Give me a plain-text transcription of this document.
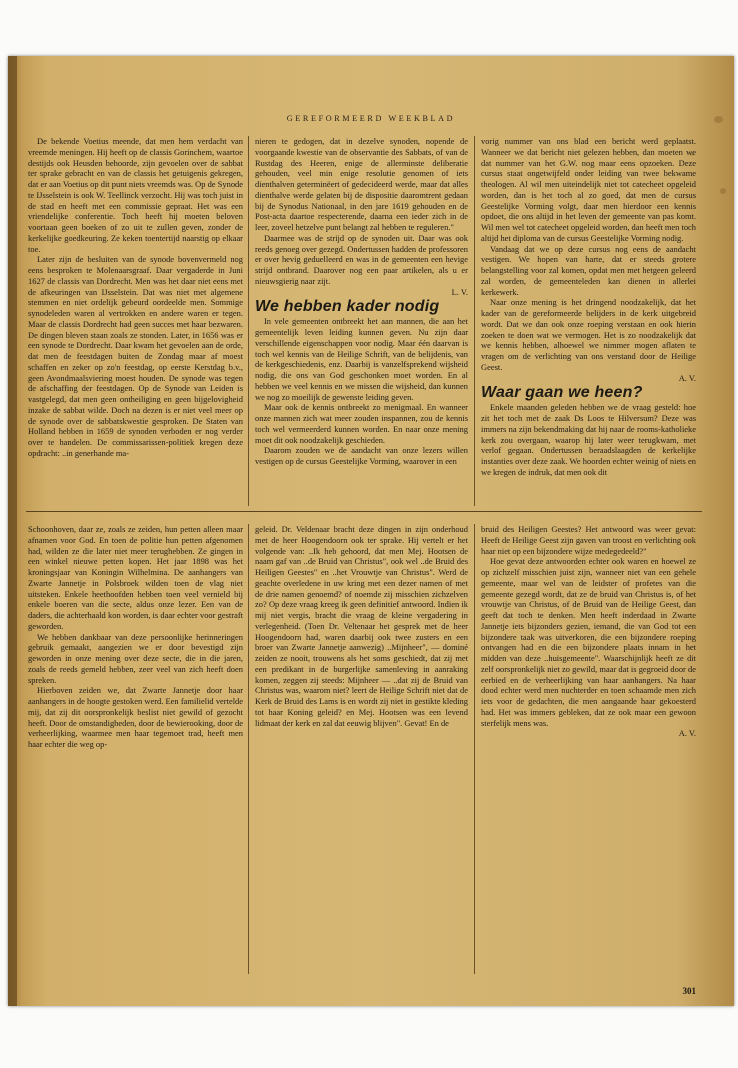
GEREFORMEERD WEEKBLAD

De bekende Voetius meende, dat men hem verdacht van vreemde meningen. Hij heeft op de classis Gorinchem, waartoe destijds ook Heusden behoorde, zijn gevoelen over de sabbat ter sprake gebracht en van de classis het getuigenis gekregen, dat er aan Voetius op dit punt niets vreemds was. Op de Synode te IJsselstein is ook W. Teellinck verzocht. Hij was toch juist in de stad en heeft met een commissie gepraat. Het was een vriendelijke conferentie. Toch heeft hij moeten beloven voortaan geen boeken of zo uit te zullen geven, zonder de kerkelijke goedkeuring. Ze keken toentertijd naarstig op elkaar toe.

Later zijn de besluiten van de synode bovenvermeld nog eens besproken te Molenaarsgraaf. Daar vergaderde in Juni 1627 de classis van Dordrecht. Men was het daar niet eens met de afkeuringen van IJsselstein. Dat was niet met algemene stemmen en niet ordelijk gebeurd oordeelde men. Sommige synodeleden waren al vertrokken en andere waren er tegen. Maar de classis Dordrecht had geen succes met haar bezwaren. De dingen bleven staan zoals ze stonden. Later, in 1656 was er een synode te Dordrecht. Daar kwam het gevoelen aan de orde, dat men de feestdagen buiten de Zondag maar af moest schaffen en zeker op zo'n feestdag, op eerste Kerstdag b.v., geen Avondmaalsviering moest houden. De synode was tegen de afschaffing der feestdagen. Op de Synode van Leiden is vastgelegd, dat men geen ontheiliging en geen bijgelovigheid inzake de sabbat wilde. Doch na dezen is er niet veel meer op de synode over de sabbatskwestie gesproken. De Staten van Holland hebben in 1659 de synoden verboden er nog verder over te handelen. De commissarissen-politiek kregen deze opdracht: ..in generhande ma-

nieren te gedogen, dat in dezelve synoden, nopende de voorgaande kwestie van de observantie des Sabbats, of van de Rustdag des Heeren, enige de allerminste deliberatie gehouden, veel min enige resolutie genomen of iets dienthalven geterminëert of gedecideerd werde, maar dat alles dienthalve werde gelaten bij de dispositie daaromtrent gedaan bij de Synodus Nationaal, in den jare 1619 gehouden en de Post-acta daartoe respecterende, daarna een ieder zich in de leer, zoveel hetzelve punt belangt zal hebben te reguleren."

Daarmee was de strijd op de synoden uit. Daar was ook reeds genoeg over gezegd. Ondertussen hadden de professoren er over hevig geduelleerd en was in de gemeenten een hevige strijd ontbrand. Daarover nog een paar artikelen, als u er nieuwsgierig naar zijt.

L. V.

We hebben kader nodig

In vele gemeenten ontbreekt het aan mannen, die aan het gemeentelijk leven leiding kunnen geven. Nu zijn daar verschillende eigenschappen voor nodig. Maar één daarvan is toch wel kennis van de Heilige Schrift, van de belijdenis, van de kerkgeschiedenis, enz. Daarbij is vanzelfsprekend wijsheid nodig, die ons van God geschonken moet worden. En al hebben we veel kennis en we missen die wijsheid, dan kunnen we nog zo moeilijk de gewenste leiding geven.

Maar ook de kennis ontbreekt zo menigmaal. En wanneer onze mannen zich wat meer zouden inspannen, zou de kennis toch wel vermeerderd kunnen worden. En naar onze mening moet dit ook noodzakelijk geschieden.

Daarom zouden we de aandacht van onze lezers willen vestigen op de cursus Geestelijke Vorming, waarover in een

vorig nummer van ons blad een bericht werd geplaatst. Wanneer we dat bericht niet gelezen hebben, dan moeten we dat nummer van het G.W. nog maar eens opzoeken. Deze cursus staat ongetwijfeld onder leiding van twee bekwame theologen. Al wil men uiteindelijk niet tot catecheet opgeleid worden, dan is het toch al zo goed, dat men de cursus Geestelijke Vorming volgt, daar men hierdoor een kennis opdoet, die ons altijd in het leven der gemeente van pas komt. Wil men wel tot catecheet opgeleid worden, dan heeft men toch altijd het diploma van de cursus Geestelijke Vorming nodig.

Vandaag dat we op deze cursus nog eens de aandacht vestigen. We hopen van harte, dat er steeds grotere belangstelling voor zal komen, opdat men met hetgeen geleerd zal worden, de gemeenteleden kan dienen in allerlei kerkewerk.

Naar onze mening is het dringend noodzakelijk, dat het kader van de gereformeerde belijders in de kerk uitgebreid wordt. Dat we dan ook onze roeping verstaan en ook hierin zoeken te doen wat we vermogen. Het is zo noodzakelijk dat we kennis hebben, alhoewel we nimmer mogen aflaten te vragen om de verlichting van ons verstand door de Heilige Geest.

A. V.

Waar gaan we heen?

Enkele maanden geleden hebben we de vraag gesteld: hoe zit het toch met de zaak Ds Loos te Hilversum? Deze was immers na zijn bekendmaking dat hij naar de rooms-katholieke kerk zou overgaan, waarop hij later weer terugkwam, met verlof gegaan. Ondertussen beraadslaagden de kerkelijke instanties over deze zaak. We hoorden echter weinig of niets en we kregen de indruk, dat men ook dit

Schoonhoven, daar ze, zoals ze zeiden, hun petten alleen maar afnamen voor God. En toen de politie hun petten afgenomen had, wilden ze die later niet meer terughebben. Ze gingen in een winkel nieuwe petten kopen. Het jaar 1898 was het kroningsjaar van Koningin Wilhelmina. De aanhangers van Zwarte Jannetje in Polsbroek wilden toen de vlag niet uitsteken. Enkele heethoofden hebben toen veel vernield bij enkele boeren van die secte, aldus onze lezer. Een van de daders, die achterhaald kon worden, is daar echter voor gestraft geworden.

We hebben dankbaar van deze persoonlijke herinneringen gebruik gemaakt, aangezien we er door bevestigd zijn geworden in onze mening over deze secte, die in die jaren, zoals de reeds gemeld hebben, zeer veel van zich heeft doen spreken.

Hierboven zeiden we, dat Zwarte Jannetje door haar aanhangers in de hoogte gestoken werd. Een familielid vertelde mij, dat zij dit oorspronkelijk beslist niet gewild of gezocht heeft. Door de omstandigheden, door de bewierooking, door de verheerlijking, waarmee men haar tegemoet trad, heeft men haar echter die weg op-

geleid. Dr. Veldenaar bracht deze dingen in zijn onderhoud met de heer Hoogendoorn ook ter sprake. Hij vertelt er het volgende van: ..Ik heb gehoord, dat men Mej. Hootsen de naam gaf van ..de Bruid van Christus", ook wel ..de Bruid des Heiligen Geestes" en ..het Vrouwtje van Christus". Werd de geachte overledene in uw kring met een dezer namen of met de drie namen genoemd? of noemde zij misschien zichzelven zo? Op deze vraag kreeg ik geen definitief antwoord. Indien ik mij niet vergis, bracht die vraag de kleine vergadering in verlegenheid. (Toen Dr. Veltenaar het gesprek met de heer Hoogendoorn had, waren daarbij ook twee zusters en een broer van Zwarte Jannetje aanwezig) ..Mijnheer", — dominé zeiden ze nooit, trouwens als het soms geschiedt, dat zij met een predikant in de burgerlijke samenleving in aanraking komen, zeggen zij steeds: Mijnheer — ..dat zij de Bruid van Christus was, waarom niet? leert de Heilige Schrift niet dat de Kerk de Bruid des Lams is en wordt zij niet in gestikte kleding tot haar Koning geleid? en Mej. Hootsen was een levend lidmaat der kerk en zal dat eeuwig blijven". Gevat! En de

bruid des Heiligen Geestes? Het antwoord was weer gevat: Heeft de Heilige Geest zijn gaven van troost en verlichting ook haar niet op een bijzondere wijze medegedeeld?"

Hoe gevat deze antwoorden echter ook waren en hoewel ze op zichzelf misschien juist zijn, wanneer niet van een gehele gemeente, maar wel van de leidster of profetes van die gemeente gezegd wordt, dat ze de bruid van Christus is, of het vrouwtje van Christus, of de Bruid van de Heilige Geest, dan geeft dat toch te denken. Men heeft inderdaad in Zwarte Jannetje iets bijzonders gezien, iemand, die van God tot een bijzondere taak was uitverkoren, die een bijzondere roeping ontvangen had en die een bijzondere plaats innam in het midden van deze ..huisgemeente". Waarschijnlijk heeft ze dit zelf oorspronkelijk niet zo gewild, maar dat is gegroeid door de eerbied en de verheerlijking van haar aanhangers. Na haar dood echter werd men nuchterder en toen schaamde men zich iets voor de gedachten, die men aangaande haar gekoesterd had. Het was immers gebleken, dat ze ook maar een gewoon sterfelijk mens was.

A. V.

301
